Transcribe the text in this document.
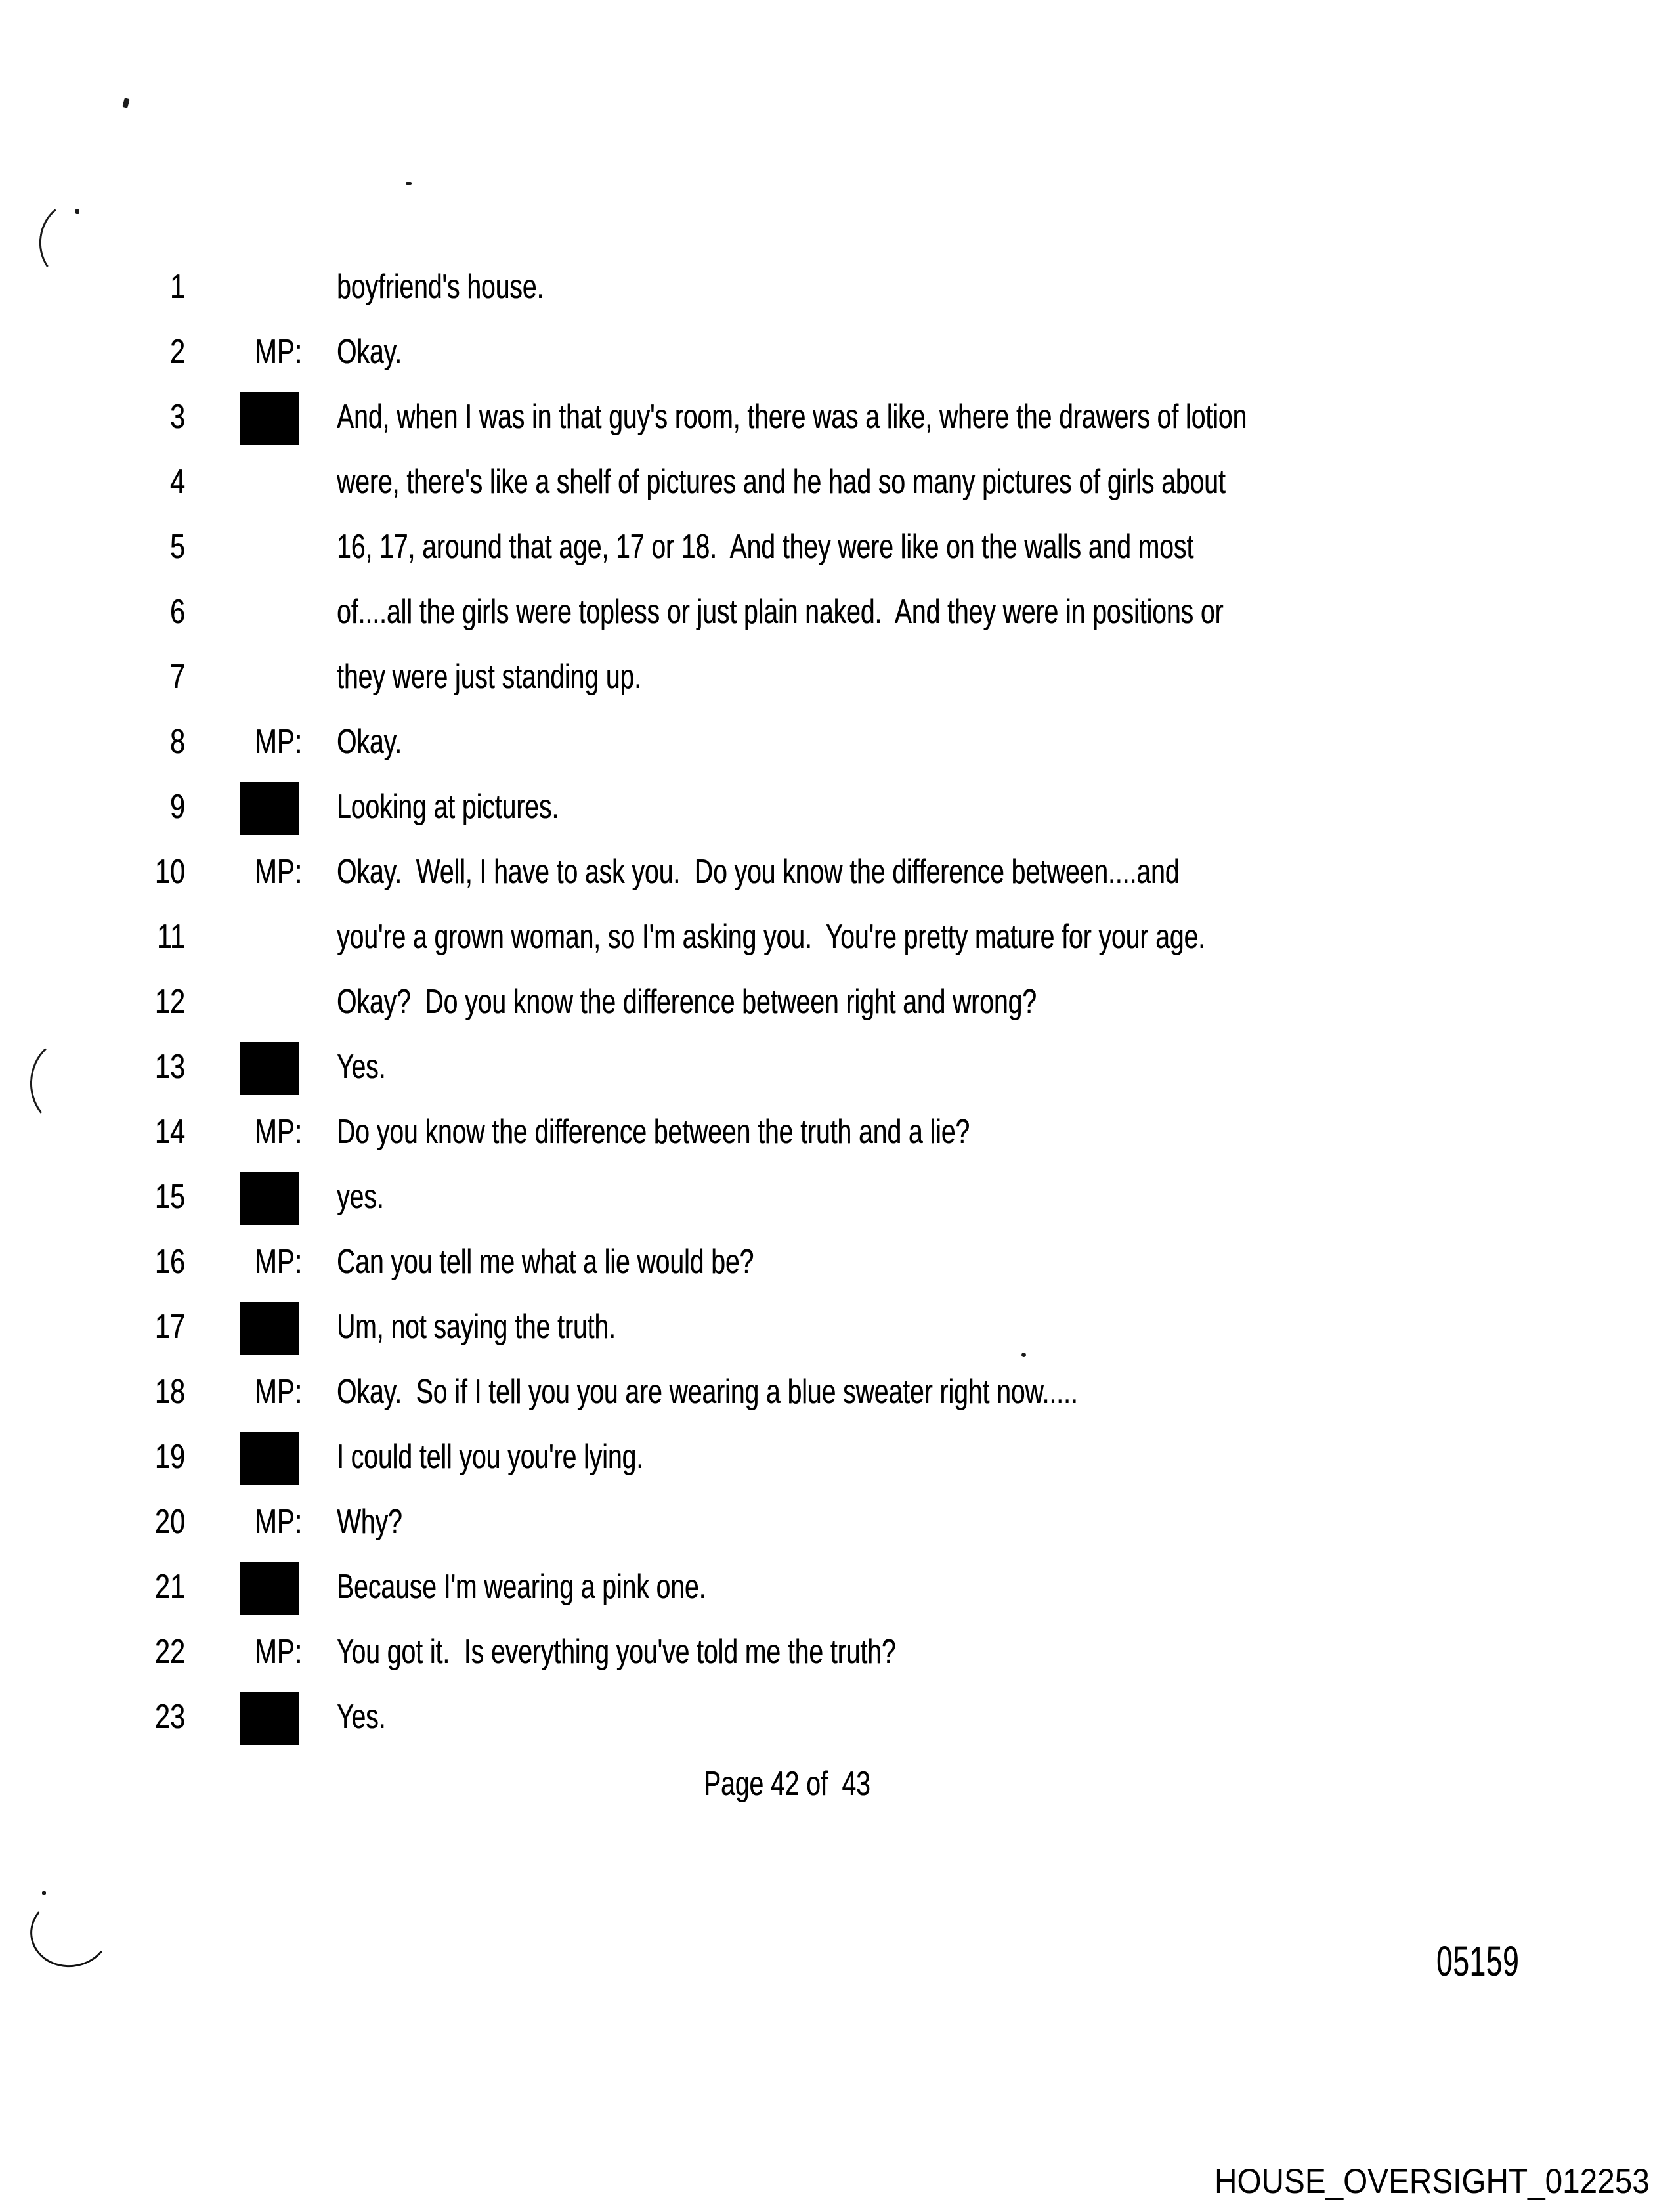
1	boyfriend's house.
2 MP: Okay.
3	And, when I was in that guy's room, there was a like, where the drawers of lotion
4	were, there's like a shelf of pictures and he had so many pictures of girls about
5	16, 17, around that age, 17 or 18.  And they were like on the walls and most
6	of....all the girls were topless or just plain naked.  And they were in positions or
7	they were just standing up.
8 MP: Okay.
9	Looking at pictures.
10 MP: Okay.  Well, I have to ask you.  Do you know the difference between....and
11	you're a grown woman, so I'm asking you.  You're pretty mature for your age.
12	Okay?  Do you know the difference between right and wrong?
13	Yes.
14 MP: Do you know the difference between the truth and a lie?
15	yes.
16 MP: Can you tell me what a lie would be?
17	Um, not saying the truth.
18 MP: Okay.  So if I tell you you are wearing a blue sweater right now.....
19	I could tell you you're lying.
20 MP: Why?
21	Because I'm wearing a pink one.
22 MP: You got it.  Is everything you've told me the truth?
23	Yes.
Page 42 of  43
05159
HOUSE_OVERSIGHT_012253
